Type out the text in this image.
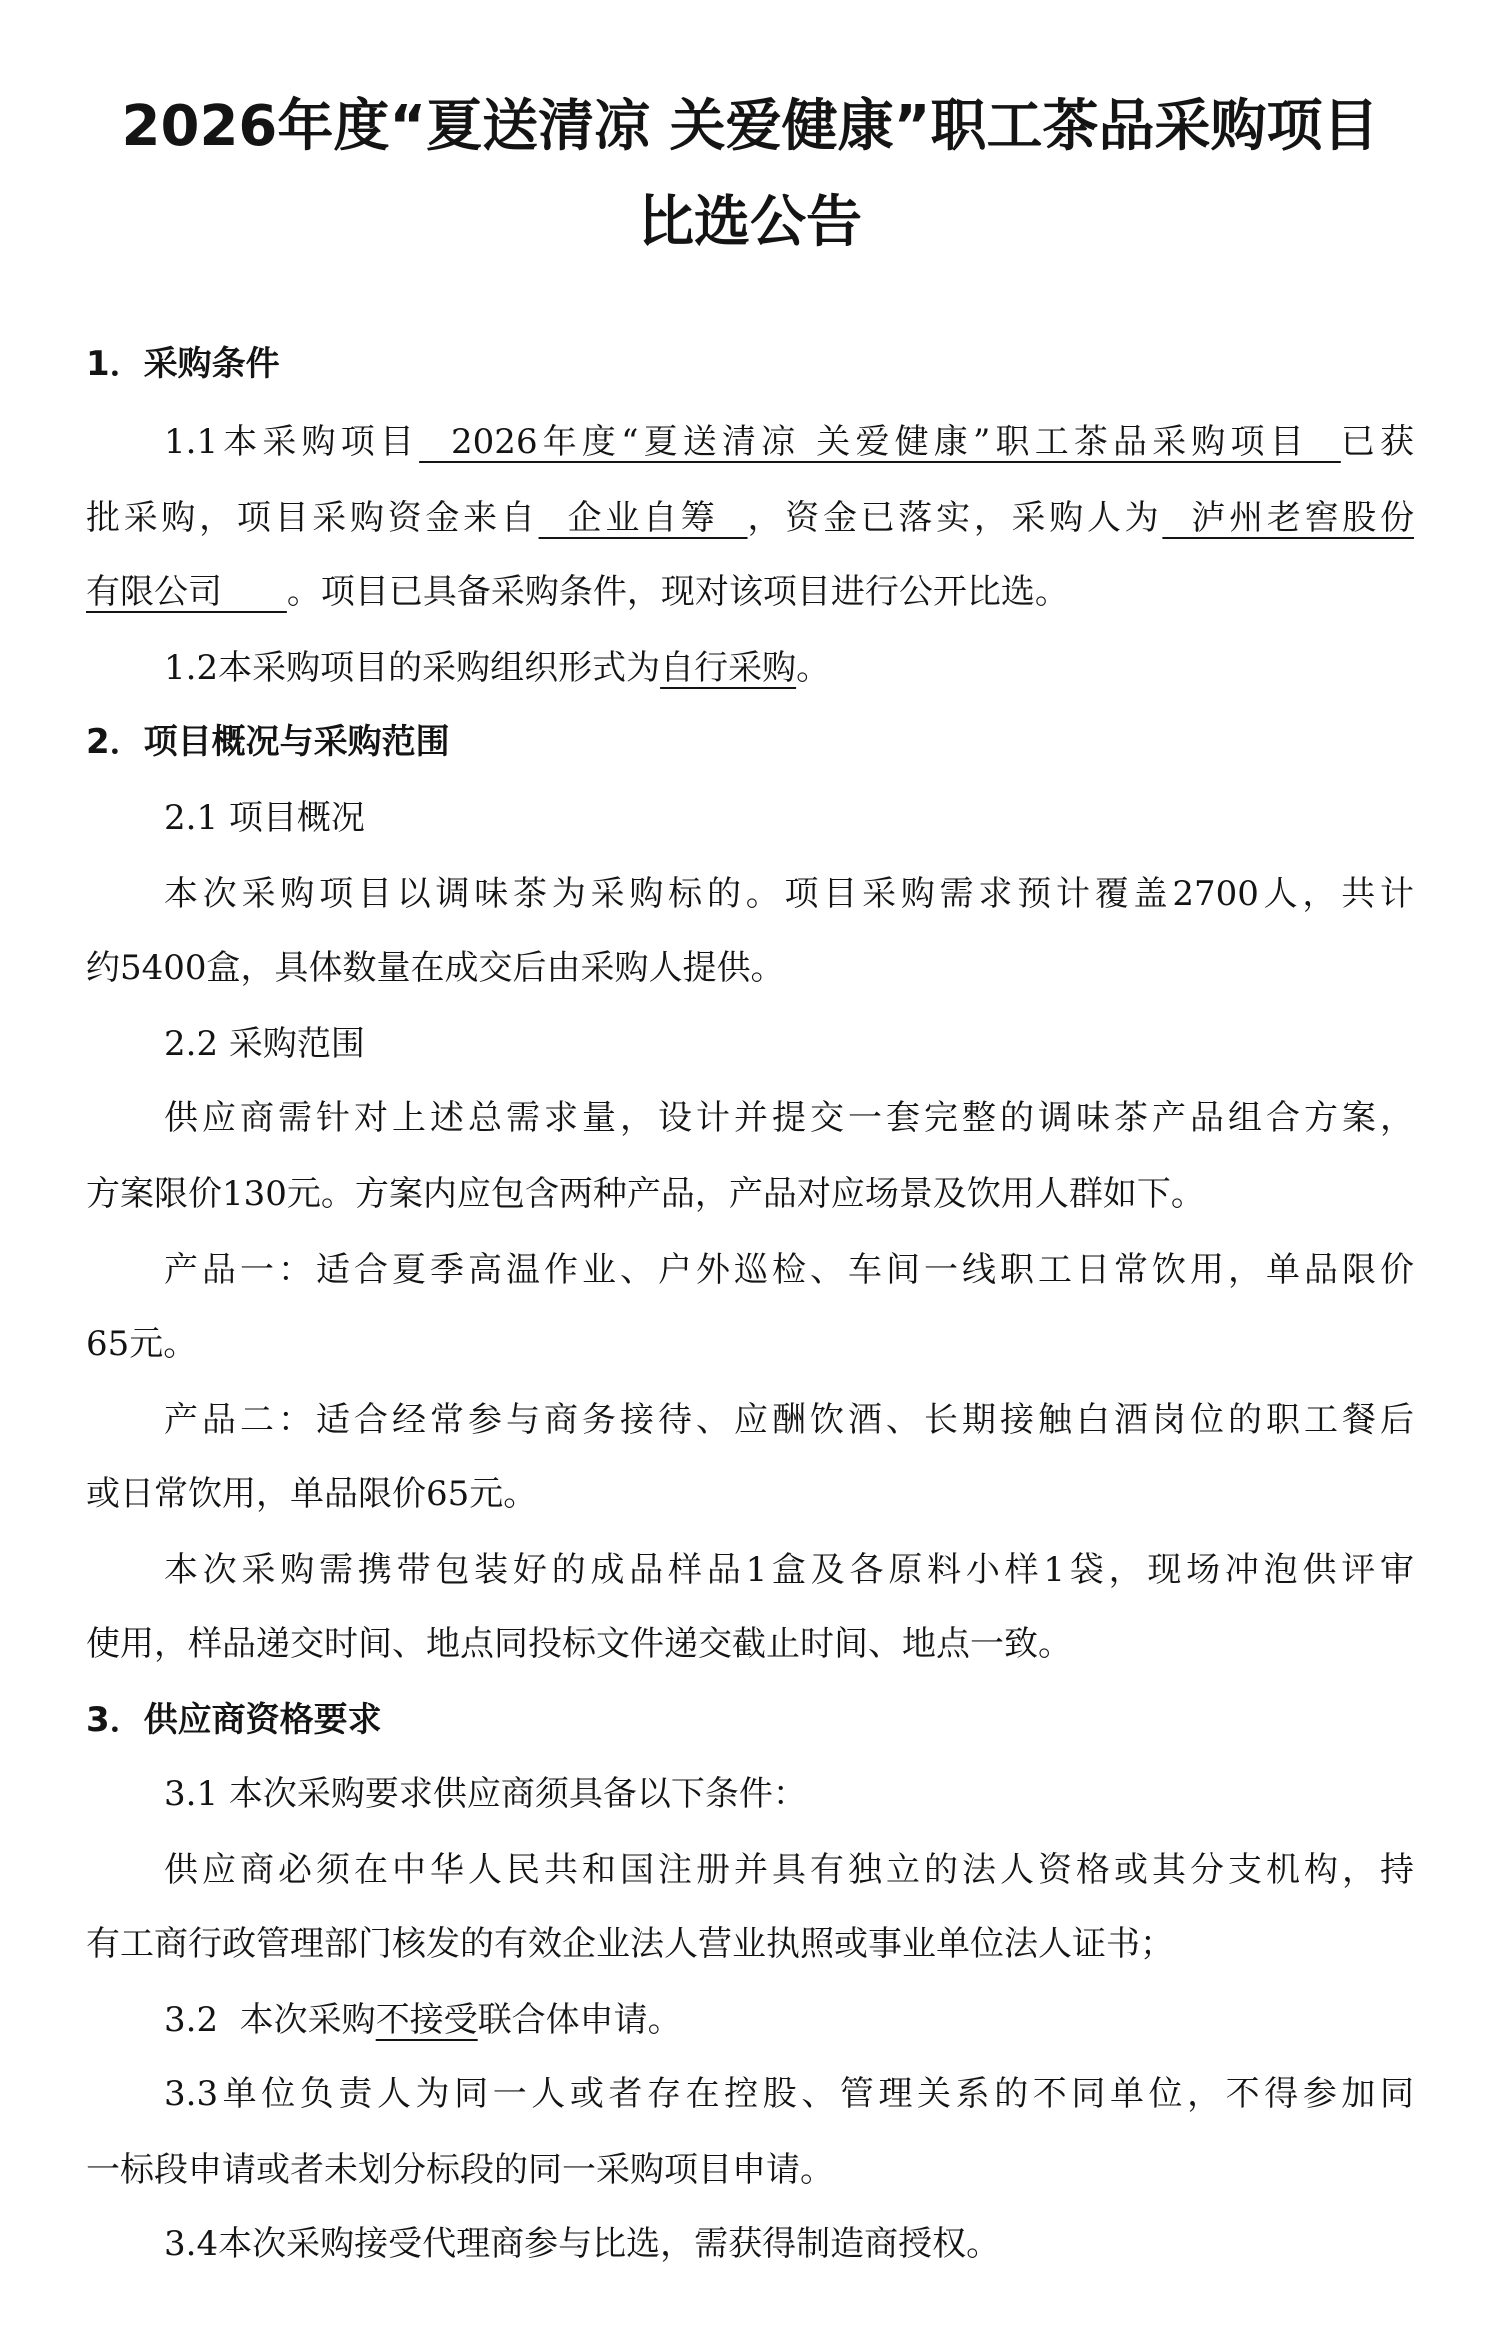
2026年度“夏送清凉 关爱健康”职工茶品采购项目
比选公告
1．采购条件
1.1本采购项目  2026年度“夏送清凉 关爱健康”职工茶品采购项目  已获
批采购，项目采购资金来自  企业自筹  ，资金已落实，采购人为  泸州老窖股份
有限公司      。项目已具备采购条件，现对该项目进行公开比选。
1.2本采购项目的采购组织形式为自行采购。
2．项目概况与采购范围
2.1 项目概况
本次采购项目以调味茶为采购标的。项目采购需求预计覆盖2700人，共计
约5400盒，具体数量在成交后由采购人提供。
2.2 采购范围
供应商需针对上述总需求量，设计并提交一套完整的调味茶产品组合方案，
方案限价130元。方案内应包含两种产品，产品对应场景及饮用人群如下。
产品一：适合夏季高温作业、户外巡检、车间一线职工日常饮用，单品限价
65元。
产品二：适合经常参与商务接待、应酬饮酒、长期接触白酒岗位的职工餐后
或日常饮用，单品限价65元。
本次采购需携带包装好的成品样品1盒及各原料小样1袋，现场冲泡供评审
使用，样品递交时间、地点同投标文件递交截止时间、地点一致。
3．供应商资格要求
3.1 本次采购要求供应商须具备以下条件：
供应商必须在中华人民共和国注册并具有独立的法人资格或其分支机构，持
有工商行政管理部门核发的有效企业法人营业执照或事业单位法人证书；
3.2  本次采购不接受联合体申请。
3.3单位负责人为同一人或者存在控股、管理关系的不同单位，不得参加同
一标段申请或者未划分标段的同一采购项目申请。
3.4本次采购接受代理商参与比选，需获得制造商授权。
